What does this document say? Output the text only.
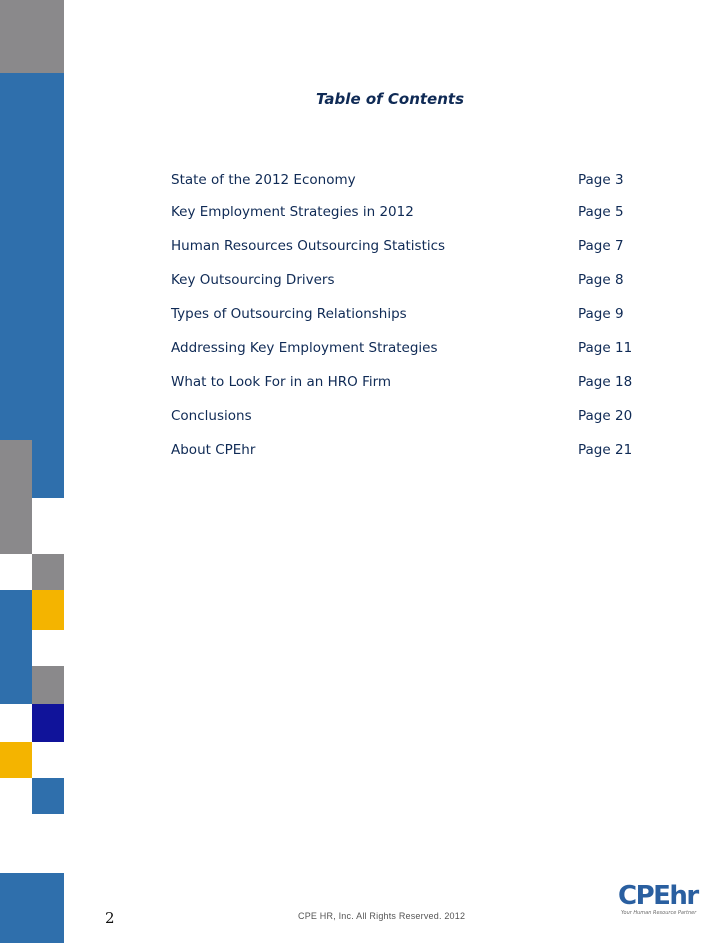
Table of Contents
State of the 2012 Economy	Page 3
Key Employment Strategies in 2012	Page 5
Human Resources Outsourcing Statistics	Page 7
Key Outsourcing Drivers	Page 8
Types of Outsourcing Relationships	Page 9
Addressing Key Employment Strategies	Page 11
What to Look For in an HRO Firm	Page 18
Conclusions	Page 20
About CPEhr	Page 21
2	CPE HR, Inc. All Rights Reserved. 2012
CPEhr
Your Human Resource Partner
